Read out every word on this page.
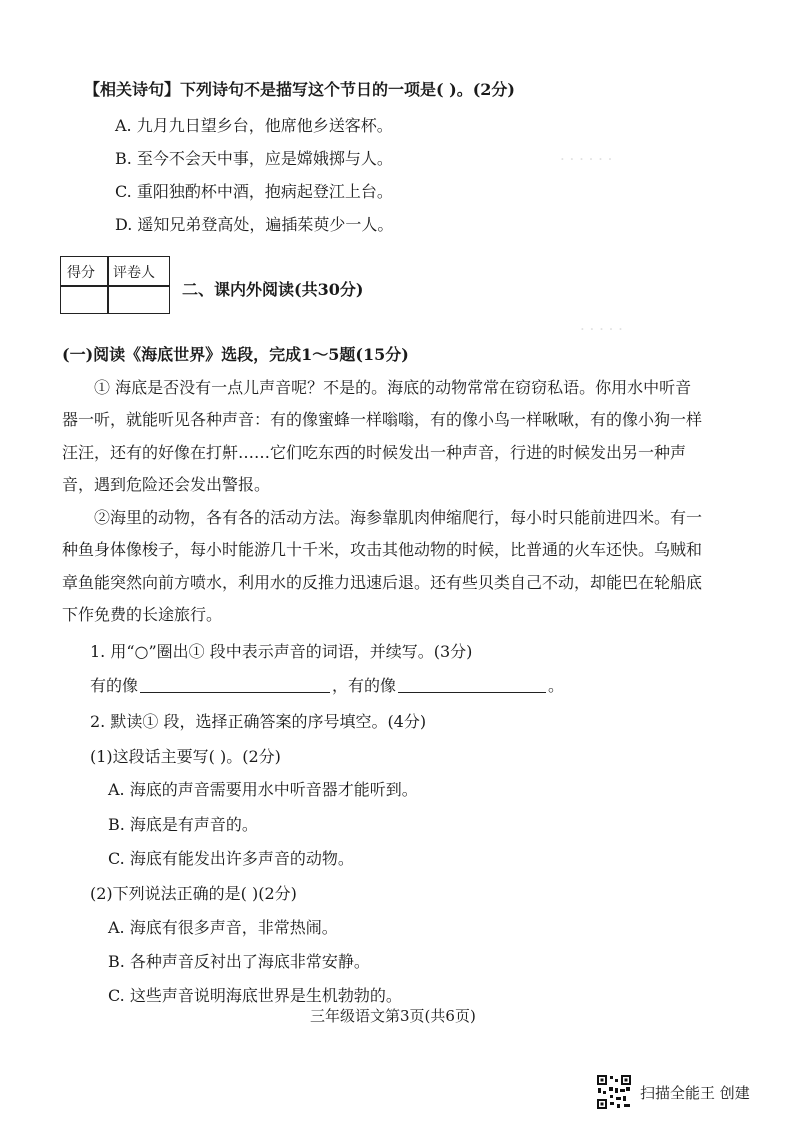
· · · · · ·
· · · · ·
【相关诗句】下列诗句不是描写这个节日的一项是( )。(2分)
A. 九月九日望乡台，他席他乡送客杯。
B. 至今不会天中事，应是嫦娥掷与人。
C. 重阳独酌杯中酒，抱病起登江上台。
D. 遥知兄弟登高处，遍插茱萸少一人。
得分 评卷人
二、课内外阅读(共30分)
(一)阅读《海底世界》选段，完成1～5题(15分)
① 海底是否没有一点儿声音呢？不是的。海底的动物常常在窃窃私语。你用水中听音器一听，就能听见各种声音：有的像蜜蜂一样嗡嗡，有的像小鸟一样啾啾，有的像小狗一样汪汪，还有的好像在打鼾……它们吃东西的时候发出一种声音，行进的时候发出另一种声音，遇到危险还会发出警报。
②海里的动物，各有各的活动方法。海参靠肌肉伸缩爬行，每小时只能前进四米。有一种鱼身体像梭子，每小时能游几十千米，攻击其他动物的时候，比普通的火车还快。乌贼和章鱼能突然向前方喷水，利用水的反推力迅速后退。还有些贝类自己不动，却能巴在轮船底下作免费的长途旅行。
1. 用“○”圈出① 段中表示声音的词语，并续写。(3分)
有的像	，有的像	。
2. 默读① 段，选择正确答案的序号填空。(4分)
(1)这段话主要写( )。(2分)
A. 海底的声音需要用水中听音器才能听到。
B. 海底是有声音的。
C. 海底有能发出许多声音的动物。
(2)下列说法正确的是( )(2分)
A. 海底有很多声音，非常热闹。
B. 各种声音反衬出了海底非常安静。
C. 这些声音说明海底世界是生机勃勃的。
三年级语文第3页(共6页)
扫描全能王 创建
